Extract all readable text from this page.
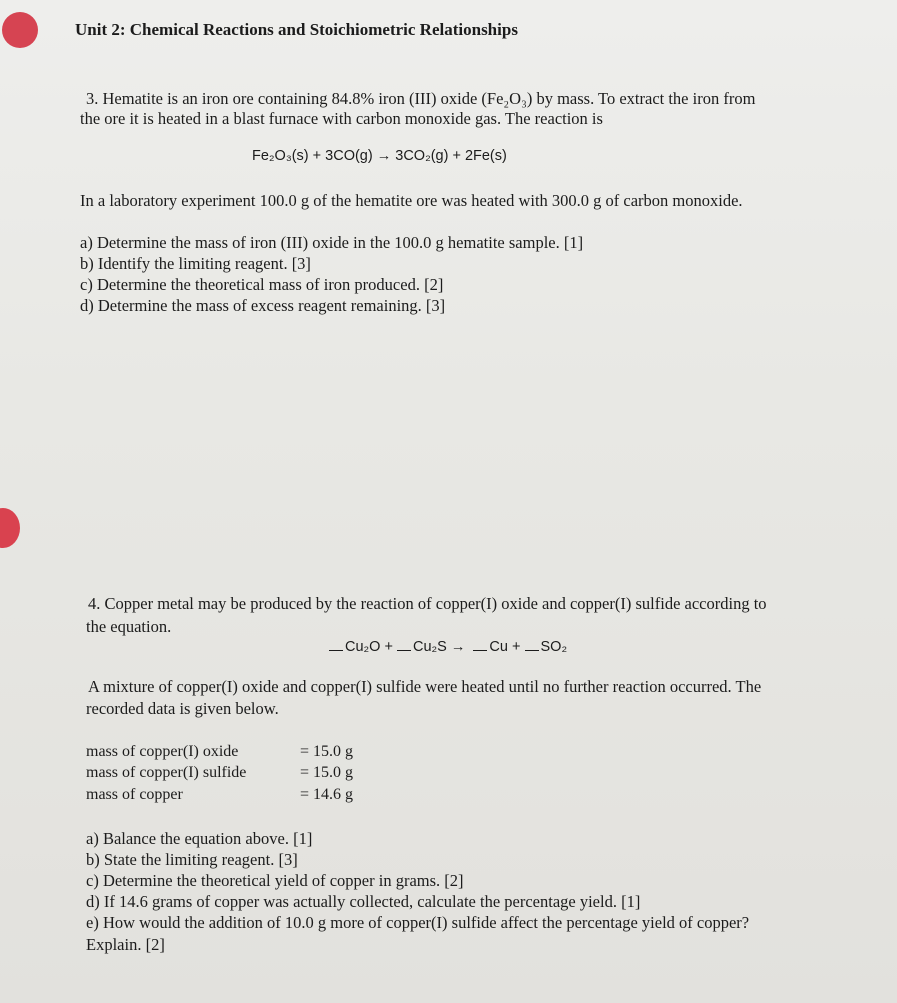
Unit 2: Chemical Reactions and Stoichiometric Relationships
3. Hematite is an iron ore containing 84.8% iron (III) oxide (Fe₂O₃) by mass. To extract the iron from
the ore it is heated in a blast furnace with carbon monoxide gas. The reaction is
Fe₂O₃(s) + 3CO(g) → 3CO₂(g) + 2Fe(s)
In a laboratory experiment 100.0 g of the hematite ore was heated with 300.0 g of carbon monoxide.
a) Determine the mass of iron (III) oxide in the 100.0 g hematite sample. [1]
b) Identify the limiting reagent. [3]
c) Determine the theoretical mass of iron produced. [2]
d) Determine the mass of excess reagent remaining. [3]
4. Copper metal may be produced by the reaction of copper(I) oxide and copper(I) sulfide according to
the equation.
Cu₂O + Cu₂S → Cu + SO₂
A mixture of copper(I) oxide and copper(I) sulfide were heated until no further reaction occurred. The
recorded data is given below.
mass of copper(I) oxide	= 15.0 g
mass of copper(I) sulfide	= 15.0 g
mass of copper	= 14.6 g
a) Balance the equation above. [1]
b) State the limiting reagent. [3]
c) Determine the theoretical yield of copper in grams. [2]
d) If 14.6 grams of copper was actually collected, calculate the percentage yield. [1]
e) How would the addition of 10.0 g more of copper(I) sulfide affect the percentage yield of copper?
Explain. [2]
